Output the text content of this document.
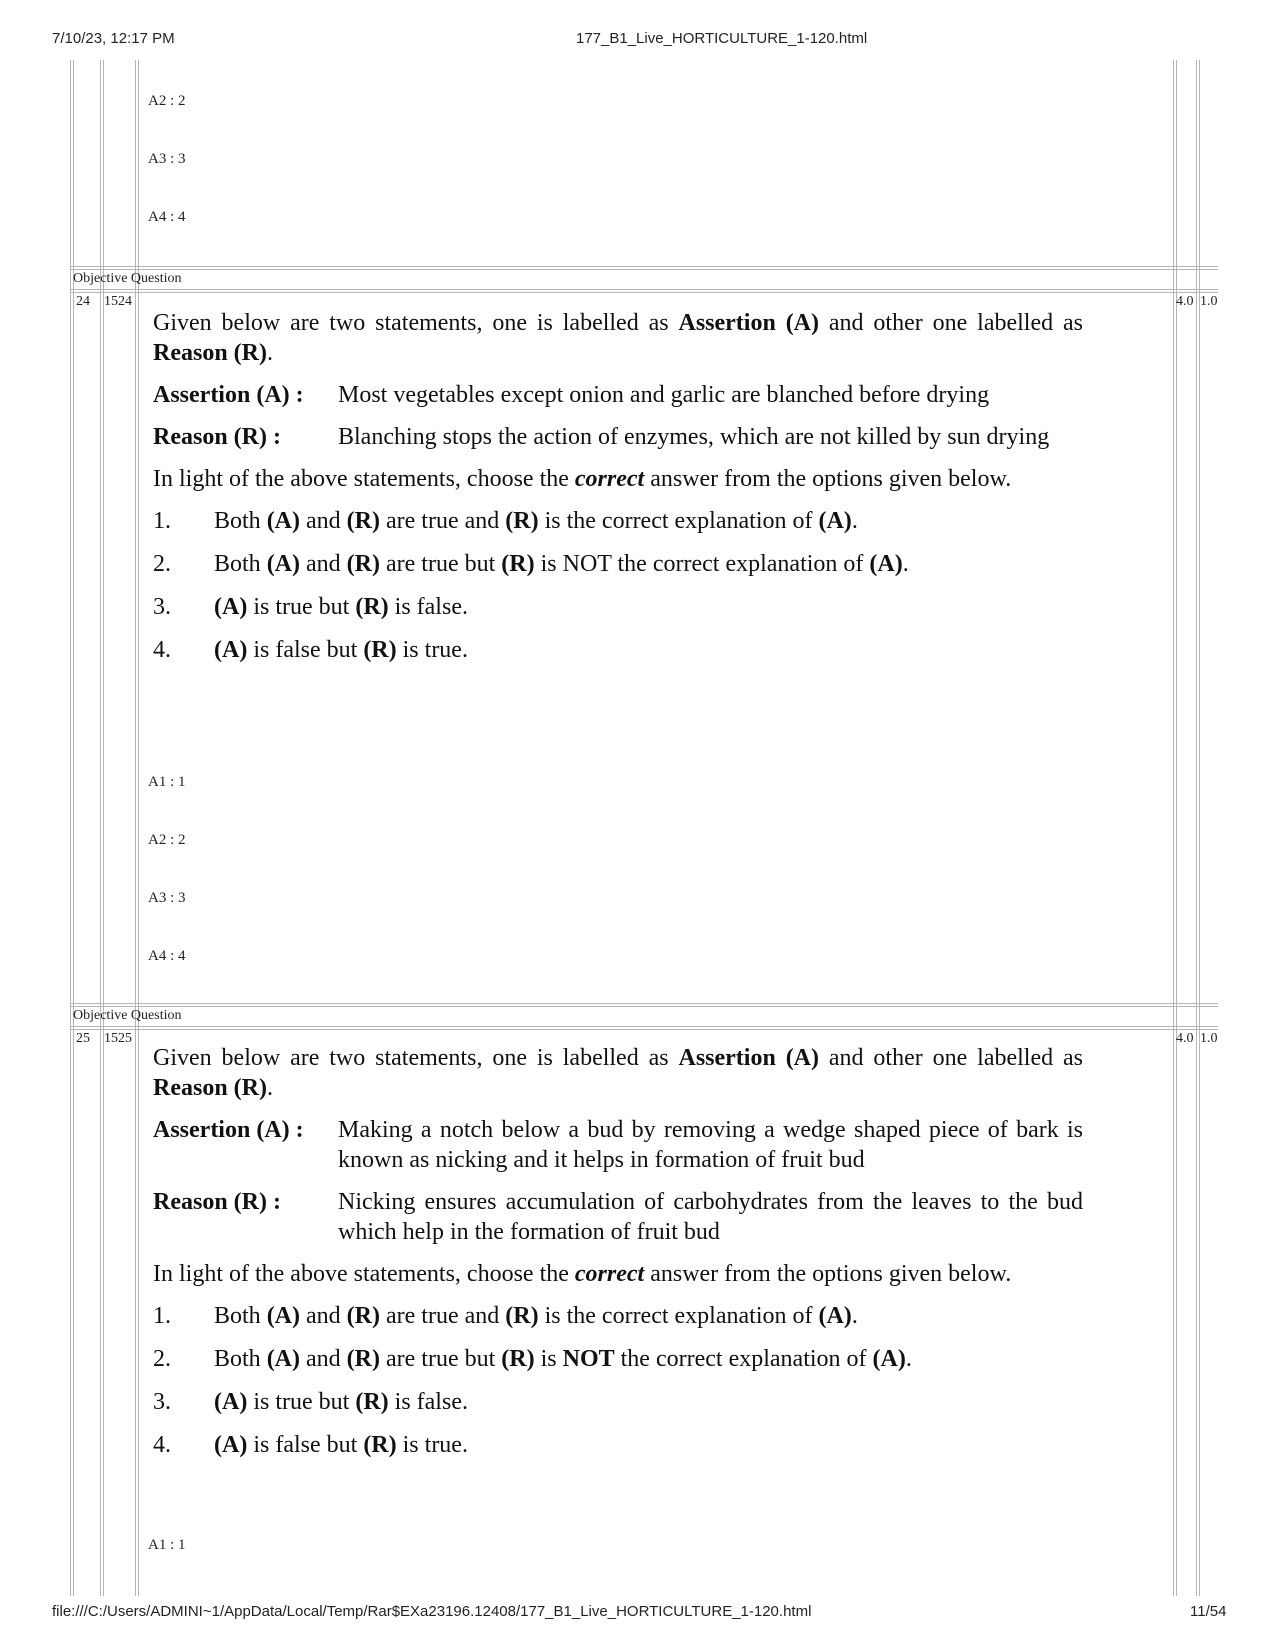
7/10/23, 12:17 PM	177_B1_Live_HORTICULTURE_1-120.html
file:///C:/Users/ADMINI~1/AppData/Local/Temp/Rar$EXa23196.12408/177_B1_Live_HORTICULTURE_1-120.html	11/54
A2 : 2
A3 : 3
A4 : 4
Objective Question
24 1524	4.0 1.0

Given below are two statements, one is labelled as Assertion (A) and other one labelled as Reason (R).

Assertion (A) :	Most vegetables except onion and garlic are blanched before drying
Reason (R) :	Blanching stops the action of enzymes, which are not killed by sun drying

In light of the above statements, choose the correct answer from the options given below.

1.	Both (A) and (R) are true and (R) is the correct explanation of (A).
2.	Both (A) and (R) are true but (R) is NOT the correct explanation of (A).
3.	(A) is true but (R) is false.
4.	(A) is false but (R) is true.
A1 : 1
A2 : 2
A3 : 3
A4 : 4
Objective Question
25 1525	4.0 1.0

Given below are two statements, one is labelled as Assertion (A) and other one labelled as Reason (R).

Assertion (A) :	Making a notch below a bud by removing a wedge shaped piece of bark is known as nicking and it helps in formation of fruit bud
Reason (R) :	Nicking ensures accumulation of carbohydrates from the leaves to the bud which help in the formation of fruit bud

In light of the above statements, choose the correct answer from the options given below.

1.	Both (A) and (R) are true and (R) is the correct explanation of (A).
2.	Both (A) and (R) are true but (R) is NOT the correct explanation of (A).
3.	(A) is true but (R) is false.
4.	(A) is false but (R) is true.
A1 : 1
